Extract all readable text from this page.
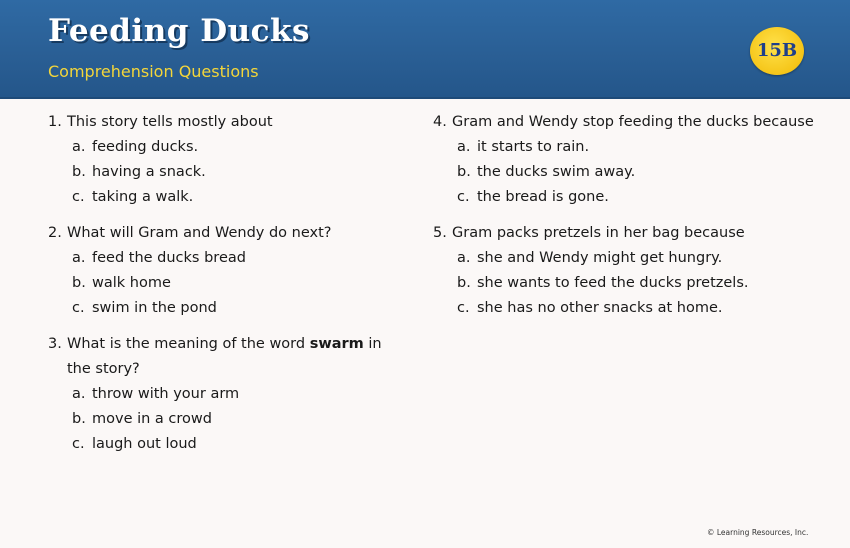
Feeding Ducks
Comprehension Questions
15B
1. This story tells mostly about
a. feeding ducks.
b. having a snack.
c. taking a walk.
2. What will Gram and Wendy do next?
a. feed the ducks bread
b. walk home
c. swim in the pond
3. What is the meaning of the word swarm in the story?
a. throw with your arm
b. move in a crowd
c. laugh out loud
4. Gram and Wendy stop feeding the ducks because
a. it starts to rain.
b. the ducks swim away.
c. the bread is gone.
5. Gram packs pretzels in her bag because
a. she and Wendy might get hungry.
b. she wants to feed the ducks pretzels.
c. she has no other snacks at home.
© Learning Resources, Inc.
